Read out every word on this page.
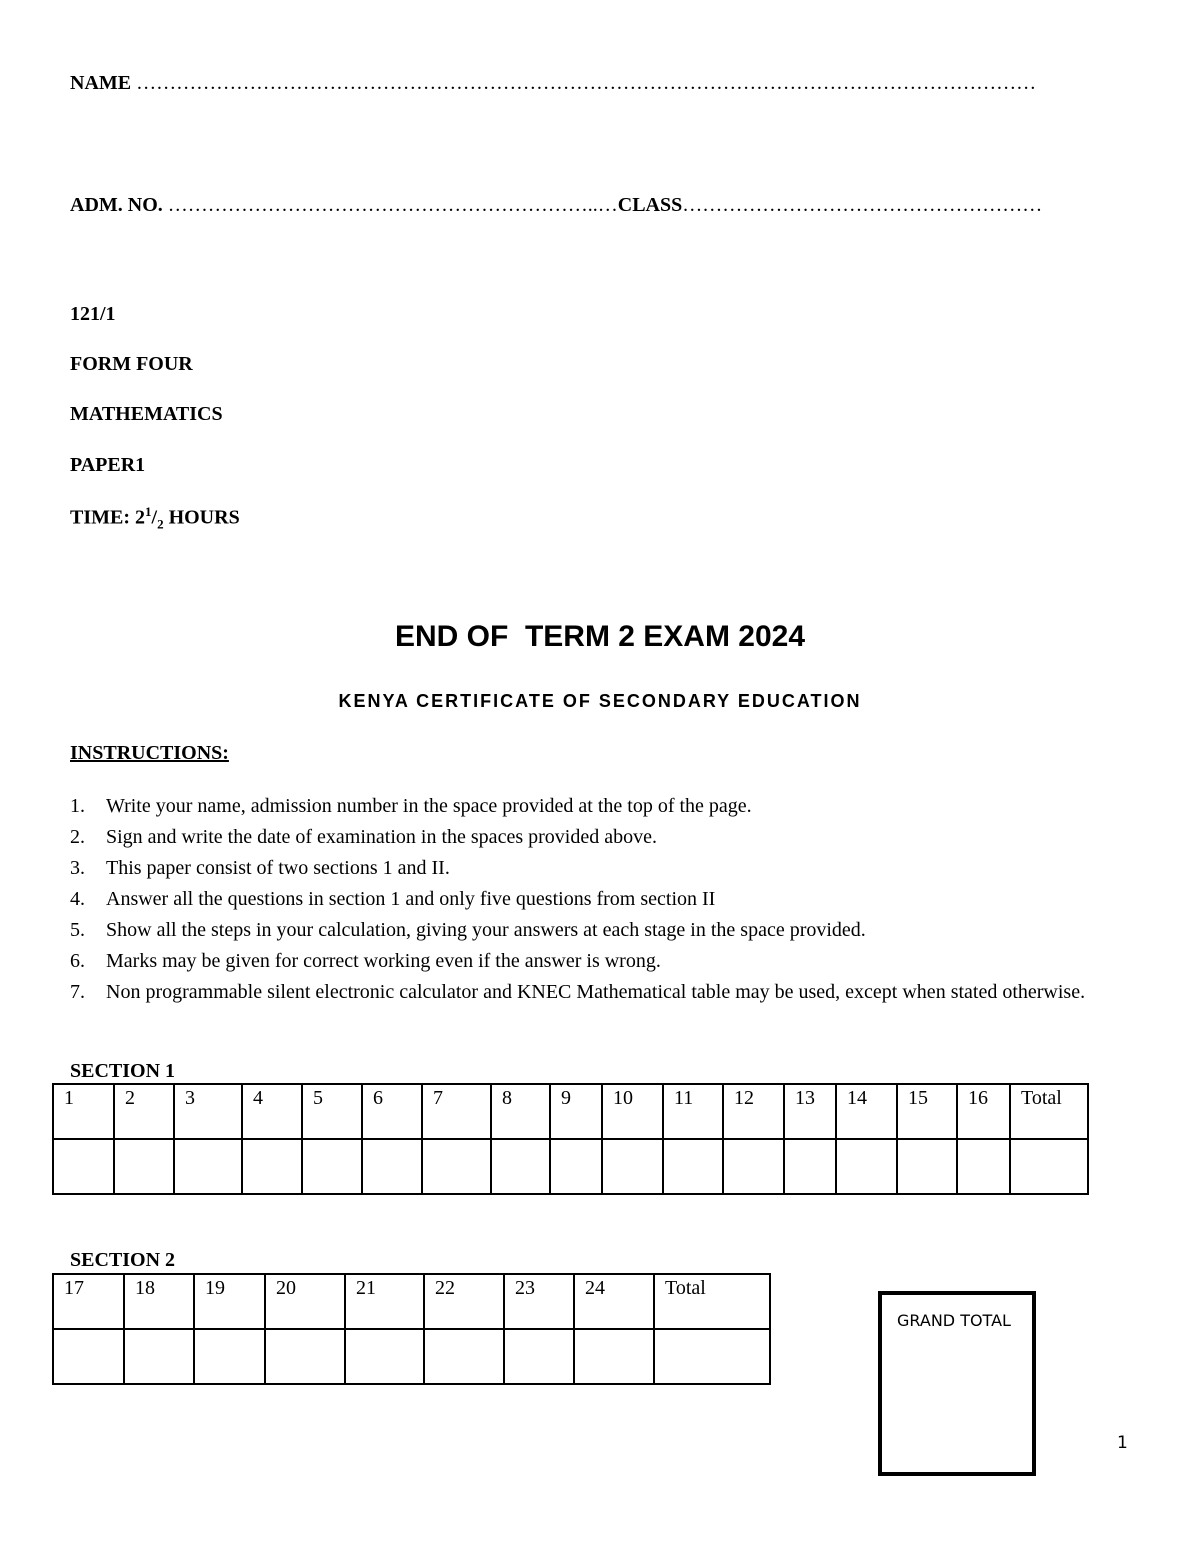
NAME ………………………………………………………………………………………………………………………
ADM. NO. ………………………………………………………..…CLASS………………………………………………
121/1
FORM FOUR
MATHEMATICS
PAPER1
TIME: $2^1/_2$ HOURS
END OF  TERM 2 EXAM 2024
KENYA CERTIFICATE OF SECONDARY EDUCATION
INSTRUCTIONS:
1. Write your name, admission number in the space provided at the top of the page.
2. Sign and write the date of examination in the spaces provided above.
3. This paper consist of two sections 1 and II.
4. Answer all the questions in section 1 and only five questions from section II
5. Show all the steps in your calculation, giving your answers at each stage in the space provided.
6. Marks may be given for correct working even if the answer is wrong.
7. Non programmable silent electronic calculator and KNEC Mathematical table may be used, except when stated otherwise.
SECTION 1
1	2	3	4	5	6	7	8	9	10	11	12	13	14	15	16	Total

SECTION 2
17	18	19	20	21	22	23	24	Total

GRAND TOTAL
1
